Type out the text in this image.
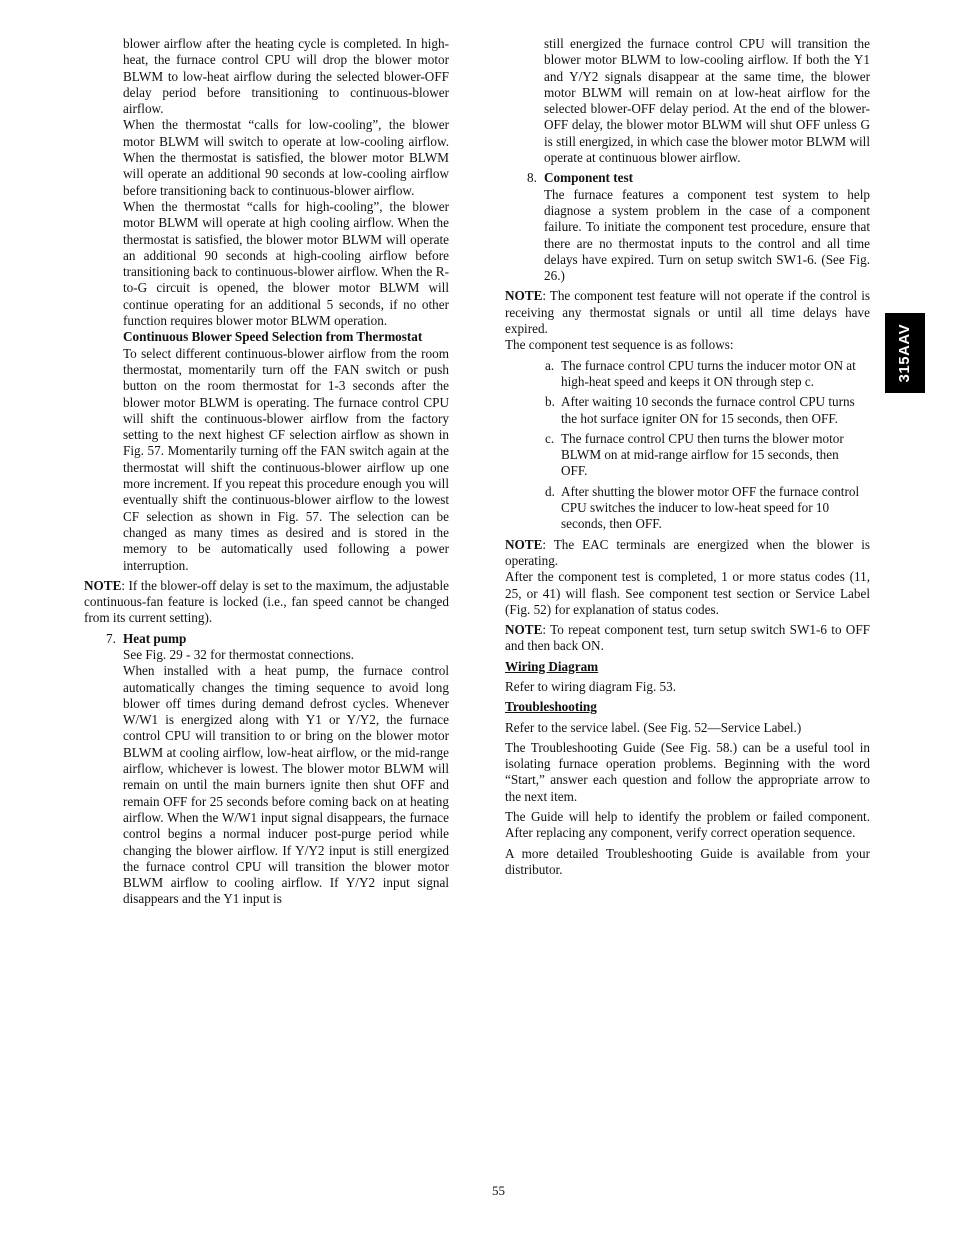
blower airflow after the heating cycle is completed. In high-heat, the furnace control CPU will drop the blower motor BLWM to low-heat airflow during the selected blower-OFF delay period before transitioning to continuous-blower airflow.

When the thermostat “calls for low-cooling”, the blower motor BLWM will switch to operate at low-cooling airflow. When the thermostat is satisfied, the blower motor BLWM will operate an additional 90 seconds at low-cooling airflow before transitioning back to continuous-blower airflow.

When the thermostat “calls for high-cooling”, the blower motor BLWM will operate at high cooling airflow. When the thermostat is satisfied, the blower motor BLWM will operate an additional 90 seconds at high-cooling airflow before transitioning back to continuous-blower airflow. When the R-to-G circuit is opened, the blower motor BLWM will continue operating for an additional 5 seconds, if no other function requires blower motor BLWM operation.

Continuous Blower Speed Selection from Thermostat

To select different continuous-blower airflow from the room thermostat, momentarily turn off the FAN switch or push button on the room thermostat for 1-3 seconds after the blower motor BLWM is operating. The furnace control CPU will shift the continuous-blower airflow from the factory setting to the next highest CF selection airflow as shown in Fig. 57. Momentarily turning off the FAN switch again at the thermostat will shift the continuous-blower airflow up one more increment. If you repeat this procedure enough you will eventually shift the continuous-blower airflow to the lowest CF selection as shown in Fig. 57. The selection can be changed as many times as desired and is stored in the memory to be automatically used following a power interruption.

NOTE: If the blower-off delay is set to the maximum, the adjustable continuous-fan feature is locked (i.e., fan speed cannot be changed from its current setting).

7. Heat pump

See Fig. 29 - 32 for thermostat connections.

When installed with a heat pump, the furnace control automatically changes the timing sequence to avoid long blower off times during demand defrost cycles. Whenever W/W1 is energized along with Y1 or Y/Y2, the furnace control CPU will transition to or bring on the blower motor BLWM at cooling airflow, low-heat airflow, or the mid-range airflow, whichever is lowest. The blower motor BLWM will remain on until the main burners ignite then shut OFF and remain OFF for 25 seconds before coming back on at heating airflow. When the W/W1 input signal disappears, the furnace control begins a normal inducer post-purge period while changing the blower airflow. If Y/Y2 input is still energized the furnace control CPU will transition the blower motor BLWM airflow to cooling airflow. If Y/Y2 input signal disappears and the Y1 input is

still energized the furnace control CPU will transition the blower motor BLWM to low-cooling airflow. If both the Y1 and Y/Y2 signals disappear at the same time, the blower motor BLWM will remain on at low-heat airflow for the selected blower-OFF delay period. At the end of the blower- OFF delay, the blower motor BLWM will shut OFF unless G is still energized, in which case the blower motor BLWM will operate at continuous blower airflow.

8. Component test

The furnace features a component test system to help diagnose a system problem in the case of a component failure. To initiate the component test procedure, ensure that there are no thermostat inputs to the control and all time delays have expired. Turn on setup switch SW1-6. (See Fig. 26.)

NOTE: The component test feature will not operate if the control is receiving any thermostat signals or until all time delays have expired.

The component test sequence is as follows:

a. The furnace control CPU turns the inducer motor ON at high-heat speed and keeps it ON through step c.
b. After waiting 10 seconds the furnace control CPU turns the hot surface igniter ON for 15 seconds, then OFF.
c. The furnace control CPU then turns the blower motor BLWM on at mid-range airflow for 15 seconds, then OFF.
d. After shutting the blower motor OFF the furnace control CPU switches the inducer to low-heat speed for 10 seconds, then OFF.

NOTE: The EAC terminals are energized when the blower is operating.

After the component test is completed, 1 or more status codes (11, 25, or 41) will flash. See component test section or Service Label (Fig. 52) for explanation of status codes.

NOTE: To repeat component test, turn setup switch SW1-6 to OFF and then back ON.

Wiring Diagram

Refer to wiring diagram Fig. 53.

Troubleshooting

Refer to the service label. (See Fig. 52—Service Label.)

The Troubleshooting Guide (See Fig. 58.) can be a useful tool in isolating furnace operation problems. Beginning with the word “Start,” answer each question and follow the appropriate arrow to the next item.

The Guide will help to identify the problem or failed component. After replacing any component, verify correct operation sequence.

A more detailed Troubleshooting Guide is available from your distributor.

315AAV
55
